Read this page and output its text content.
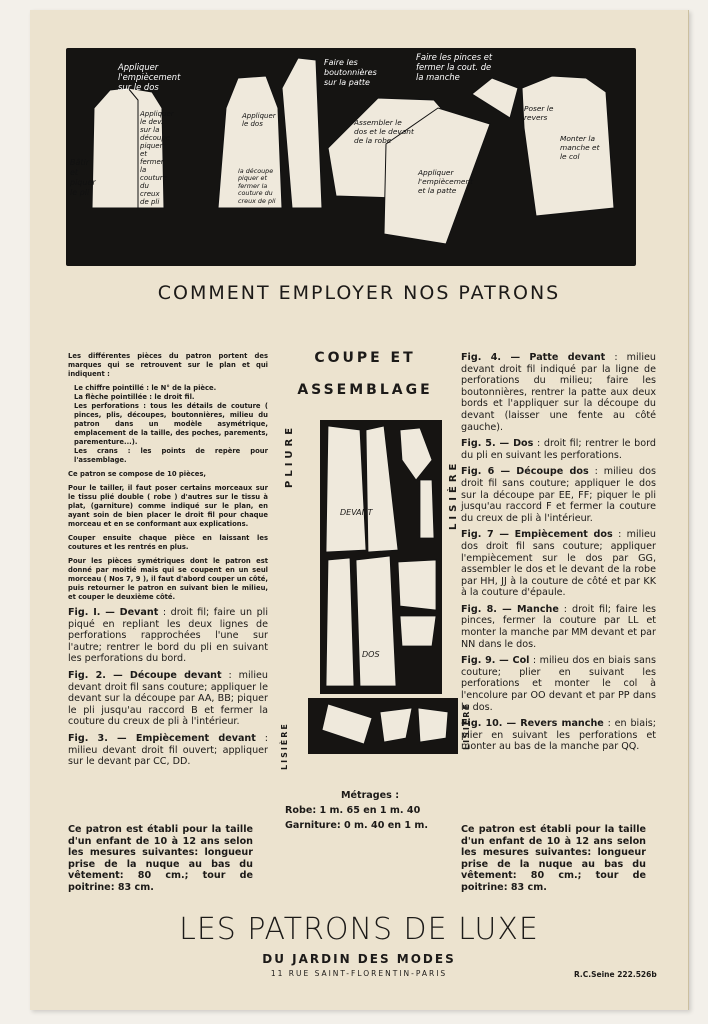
Appliquer l'empiècement sur le dos
Bâtir et piquer le pli
Appliquer le dev. sur la découpe piquer et fermer la couture du creux de pli
Appliquer le dos
la découpe piquer et fermer la couture du creux de pli
Faire les boutonnières sur la patte
Faire les pinces et fermer la cout. de la manche
Assembler le dos et le devant de la robe
Appliquer l'empiècement et la patte
Poser le revers
Monter la manche et le col
COMMENT EMPLOYER NOS PATRONS

Les différentes pièces du patron portent des marques qui se retrouvent sur le plan et qui indiquent :

Le chiffre pointillé : le N° de la pièce.

La flèche pointillée : le droit fil.

Les perforations : tous les détails de couture ( pinces, plis, découpes, boutonnières, milieu du patron dans un modèle asymétrique, emplacement de la taille, des poches, parements, parementure...).

Les crans : les points de repère pour l'assemblage.

Ce patron se compose de 10 pièces,

Pour le tailler, il faut poser certains morceaux sur le tissu plié double ( robe ) d'autres sur le tissu à plat, (garniture) comme indiqué sur le plan, en ayant soin de bien placer le droit fil pour chaque morceau et en se conformant aux explications.

Couper ensuite chaque pièce en laissant les coutures et les rentrés en plus.

Pour les pièces symétriques dont le patron est donné par moitié mais qui se coupent en un seul morceau ( Nos 7, 9 ), il faut d'abord couper un côté, puis retourner le patron en suivant bien le milieu, et couper le deuxième côté.

Fig. I. — Devant : droit fil; faire un pli piqué en repliant les deux lignes de perforations rapprochées l'une sur l'autre; rentrer le bord du pli en suivant les perforations du bord.

Fig. 2. — Découpe devant : milieu devant droit fil sans couture; appliquer le devant sur la découpe par AA, BB; piquer le pli jusqu'au raccord B et fermer la couture du creux de pli à l'intérieur.

Fig. 3. — Empiècement devant : milieu devant droit fil ouvert; appliquer sur le devant par CC, DD.

COUPE ET
ASSEMBLAGE
PLIURE
LISIÈRE
DEVANT
DOS
LISIÈRE	LISIÈRE
Métrages :
Robe: 1 m. 65 en 1 m. 40
Garniture: 0 m. 40 en 1 m.

Fig. 4. — Patte devant : milieu devant droit fil indiqué par la ligne de perforations du milieu; faire les boutonnières, rentrer la patte aux deux bords et l'appliquer sur la découpe du devant (laisser une fente au côté gauche).

Fig. 5. — Dos : droit fil; rentrer le bord du pli en suivant les perforations.

Fig. 6 — Découpe dos : milieu dos droit fil sans couture; appliquer le dos sur la découpe par EE, FF; piquer le pli jusqu'au raccord F et fermer la couture du creux de pli à l'intérieur.

Fig. 7 — Empiècement dos : milieu dos droit fil sans couture; appliquer l'empiècement sur le dos par GG, assembler le dos et le devant de la robe par HH, JJ à la couture de côté et par KK à la couture d'épaule.

Fig. 8. — Manche : droit fil; faire les pinces, fermer la couture par LL et monter la manche par MM devant et par NN dans le dos.

Fig. 9. — Col : milieu dos en biais sans couture; plier en suivant les perforations et monter le col à l'encolure par OO devant et par PP dans le dos.

Fig. 10. — Revers manche : en biais; plier en suivant les perforations et monter au bas de la manche par QQ.

Ce patron est établi pour la taille d'un enfant de 10 à 12 ans selon les mesures suivantes: longueur prise de la nuque au bas du vêtement: 80 cm.; tour de poitrine: 83 cm.
Ce patron est établi pour la taille d'un enfant de 10 à 12 ans selon les mesures suivantes: longueur prise de la nuque au bas du vêtement: 80 cm.; tour de poitrine: 83 cm.
LES PATRONS DE LUXE
DU JARDIN DES MODES
11 RUE SAINT-FLORENTIN-PARIS	R.C.Seine 222.526b
